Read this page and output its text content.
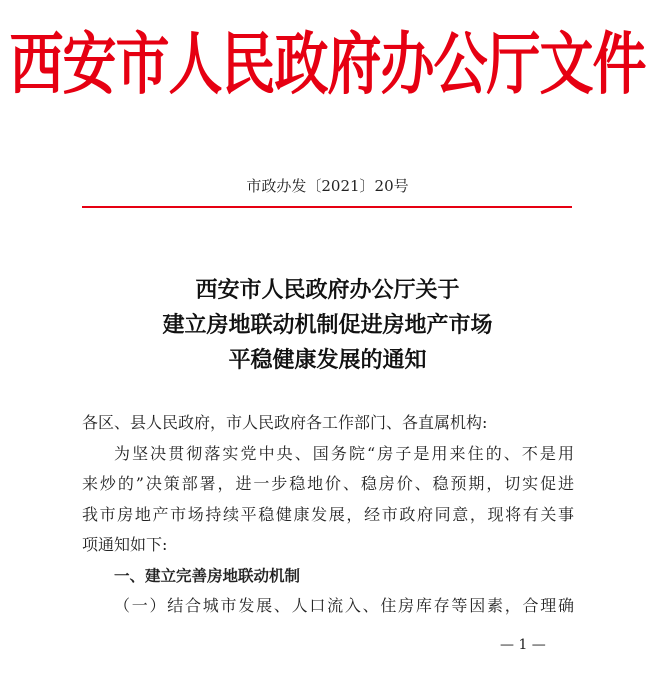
西安市人民政府办公厅文件
市政办发〔2021〕20号
西安市人民政府办公厅关于
建立房地联动机制促进房地产市场
平稳健康发展的通知

各区、县人民政府，市人民政府各工作部门、各直属机构:

为坚决贯彻落实党中央、国务院“房子是用来住的、不是用

来炒的”决策部署，进一步稳地价、稳房价、稳预期，切实促进

我市房地产市场持续平稳健康发展，经市政府同意，现将有关事

项通知如下:

一、建立完善房地联动机制

（一）结合城市发展、人口流入、住房库存等因素，合理确

— 1 —
